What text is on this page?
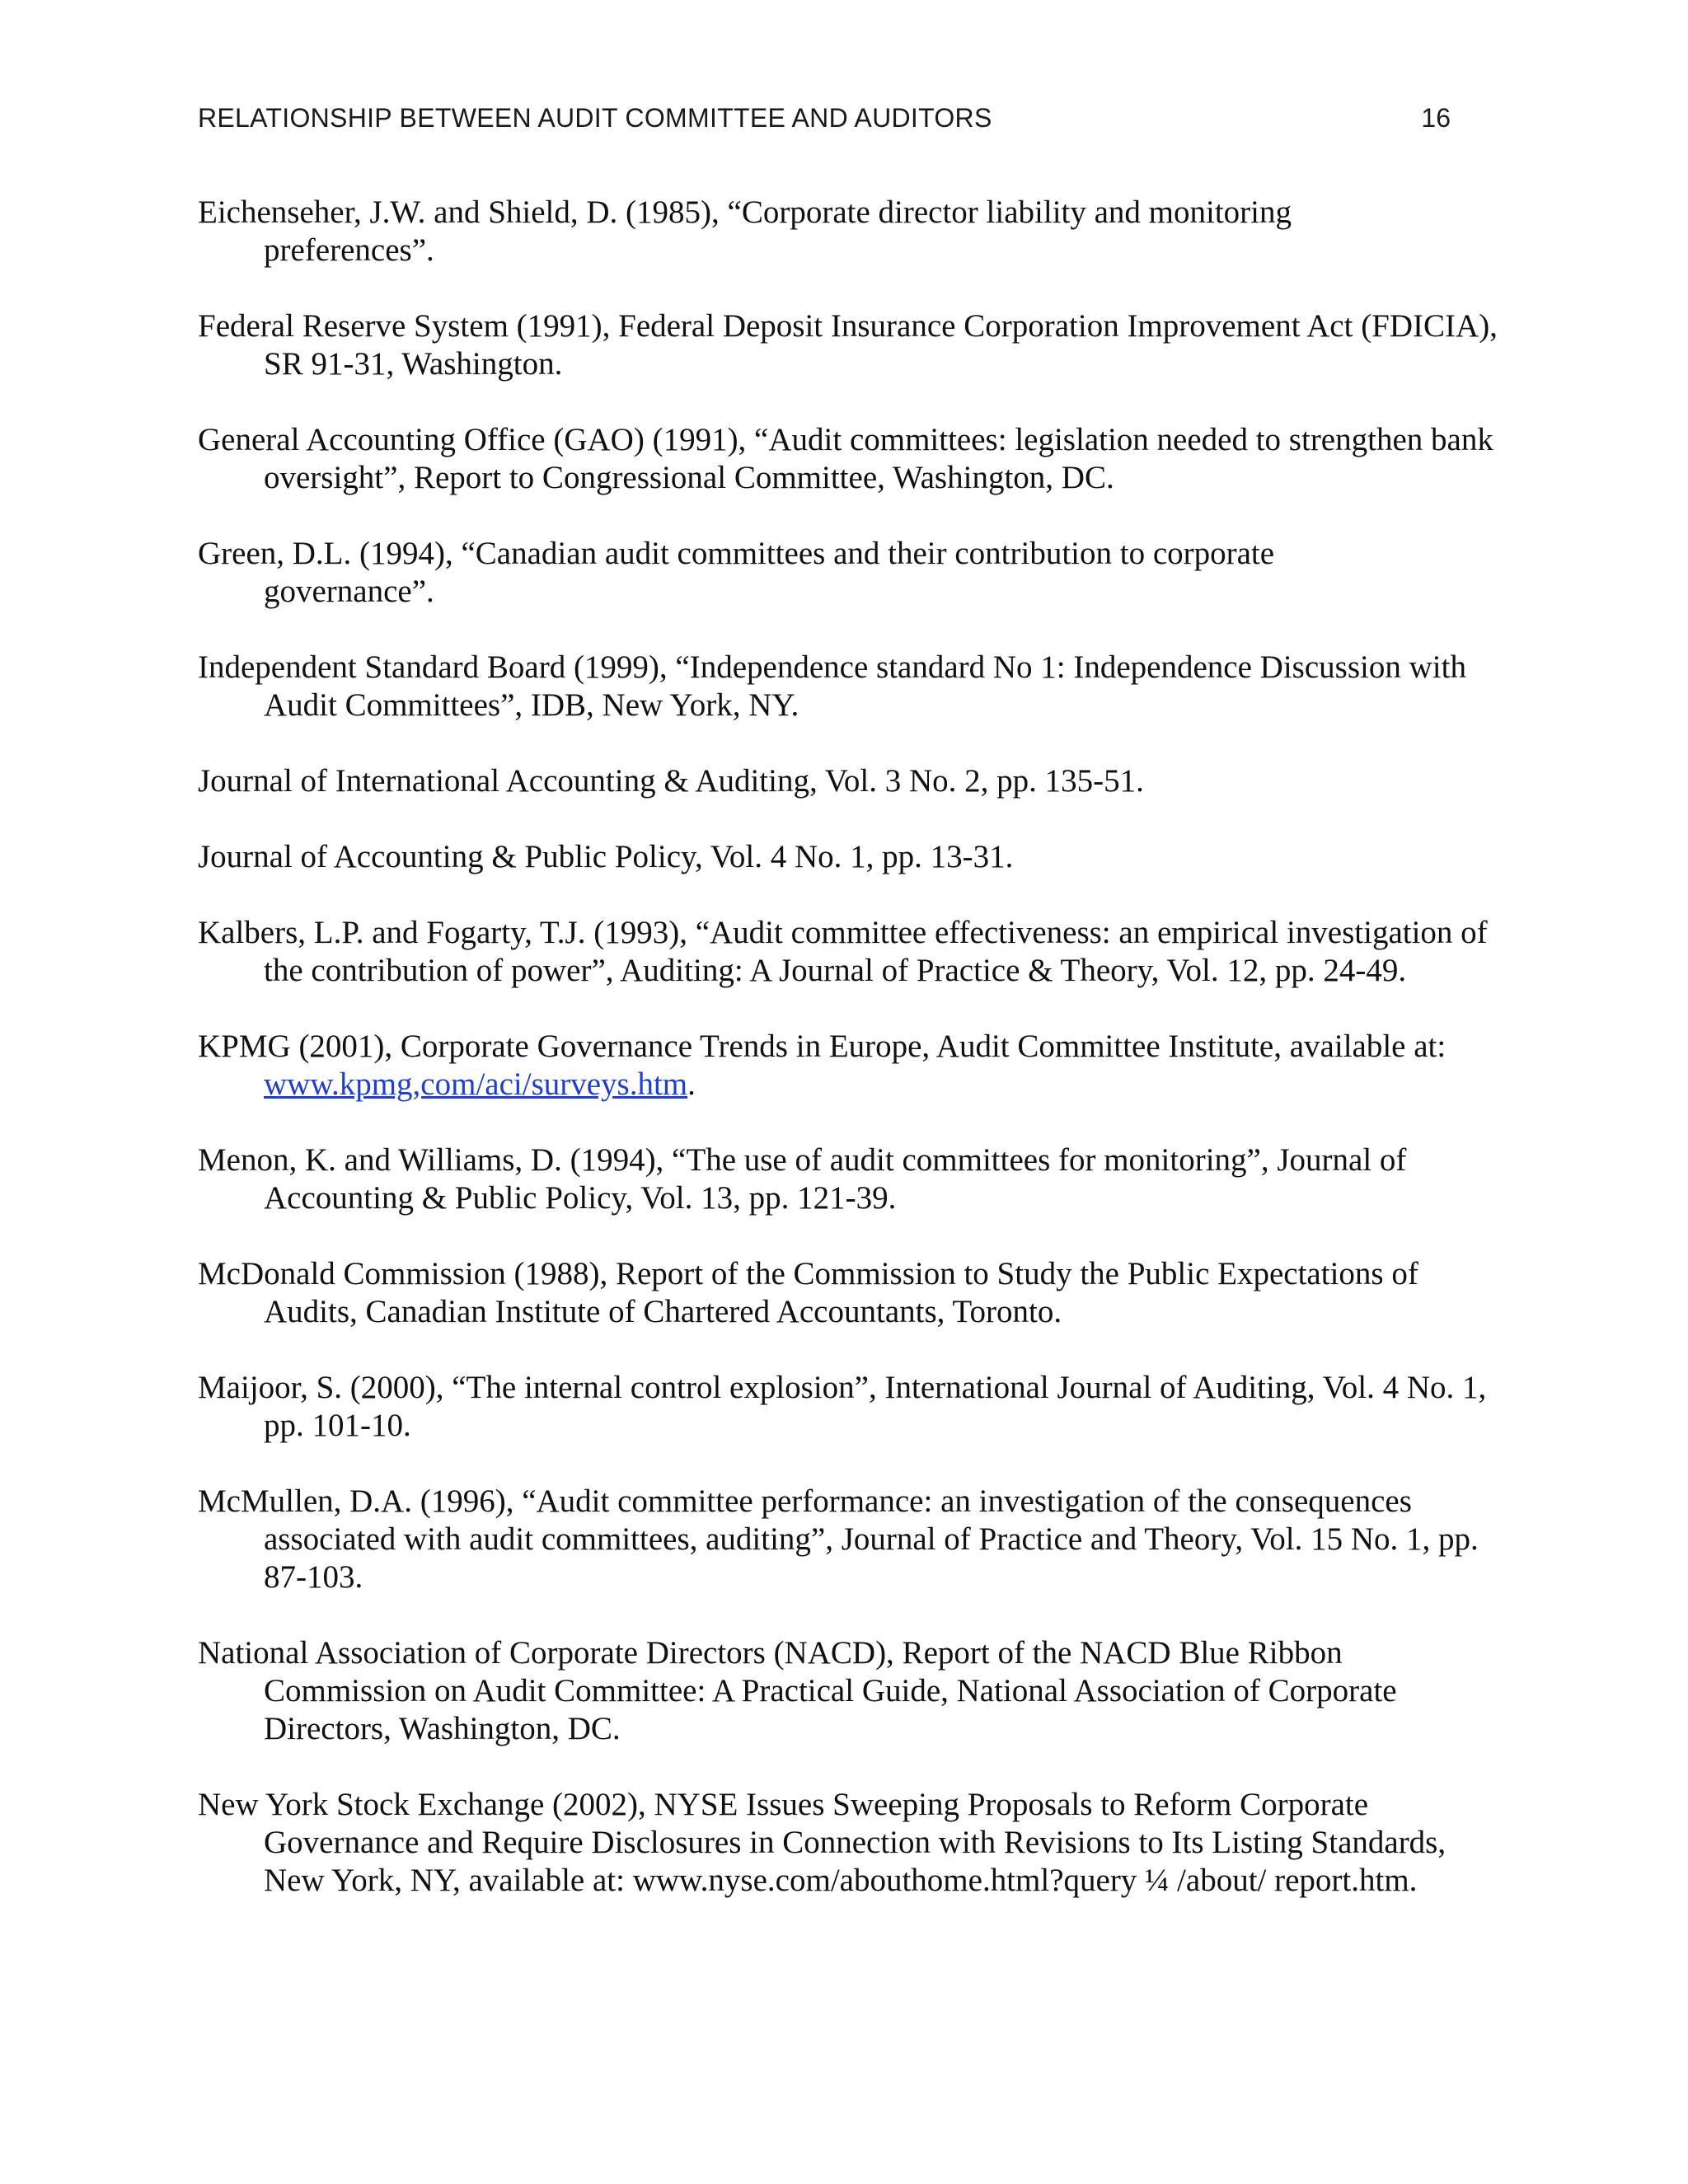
RELATIONSHIP BETWEEN AUDIT COMMITTEE AND AUDITORS	16

Eichenseher, J.W. and Shield, D. (1985), “Corporate director liability and monitoring preferences”.

Federal Reserve System (1991), Federal Deposit Insurance Corporation Improvement Act (FDICIA), SR 91-31, Washington.

General Accounting Office (GAO) (1991), “Audit committees: legislation needed to strengthen bank oversight”, Report to Congressional Committee, Washington, DC.

Green, D.L. (1994), “Canadian audit committees and their contribution to corporate governance”.

Independent Standard Board (1999), “Independence standard No 1: Independence Discussion with Audit Committees”, IDB, New York, NY.

Journal of International Accounting & Auditing, Vol. 3 No. 2, pp. 135-51.

Journal of Accounting & Public Policy, Vol. 4 No. 1, pp. 13-31.

Kalbers, L.P. and Fogarty, T.J. (1993), “Audit committee effectiveness: an empirical investigation of the contribution of power”, Auditing: A Journal of Practice & Theory, Vol. 12, pp. 24-49.

KPMG (2001), Corporate Governance Trends in Europe, Audit Committee Institute, available at: www.kpmg,com/aci/surveys.htm.

Menon, K. and Williams, D. (1994), “The use of audit committees for monitoring”, Journal of Accounting & Public Policy, Vol. 13, pp. 121-39.

McDonald Commission (1988), Report of the Commission to Study the Public Expectations of Audits, Canadian Institute of Chartered Accountants, Toronto.

Maijoor, S. (2000), “The internal control explosion”, International Journal of Auditing, Vol. 4 No. 1, pp. 101-10.

McMullen, D.A. (1996), “Audit committee performance: an investigation of the consequences associated with audit committees, auditing”, Journal of Practice and Theory, Vol. 15 No. 1, pp. 87-103.

National Association of Corporate Directors (NACD), Report of the NACD Blue Ribbon Commission on Audit Committee: A Practical Guide, National Association of Corporate Directors, Washington, DC.

New York Stock Exchange (2002), NYSE Issues Sweeping Proposals to Reform Corporate Governance and Require Disclosures in Connection with Revisions to Its Listing Standards, New York, NY, available at: www.nyse.com/abouthome.html?query ¼ /about/ report.htm.
